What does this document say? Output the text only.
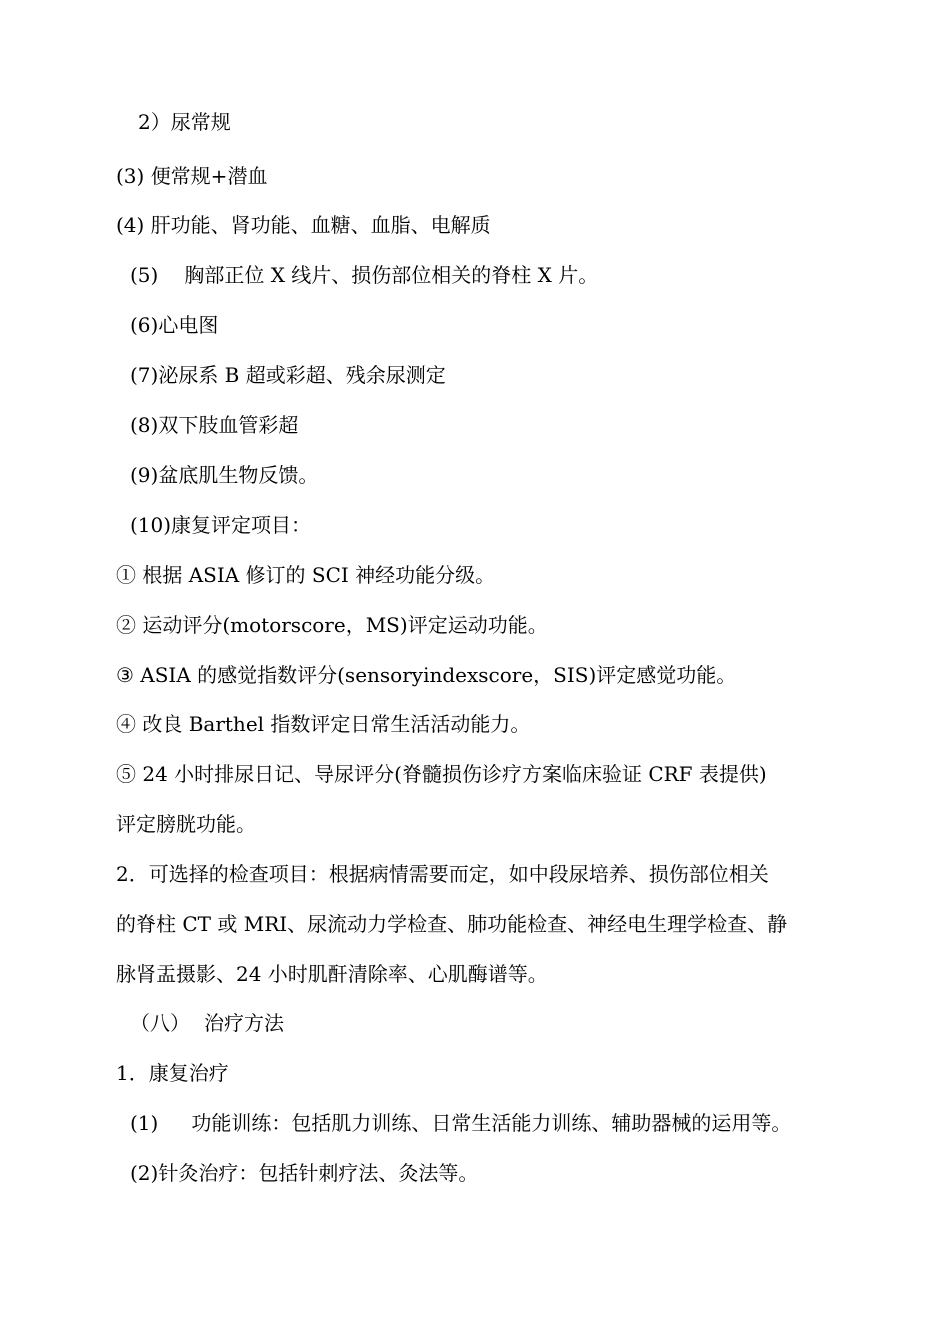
2）尿常规
(3) 便常规+潜血
(4) 肝功能、肾功能、血糖、血脂、电解质
(5) 胸部正位 X 线片、损伤部位相关的脊柱 X 片。
(6)心电图
(7)泌尿系 B 超或彩超、残余尿测定
(8)双下肢血管彩超
(9)盆底肌生物反馈。
(10)康复评定项目：
① 根据 ASIA 修订的 SCI 神经功能分级。
② 运动评分(motorscore，MS)评定运动功能。
③ ASIA 的感觉指数评分(sensoryindexscore，SIS)评定感觉功能。
④ 改良 Barthel 指数评定日常生活活动能力。
⑤ 24 小时排尿日记、导尿评分(脊髓损伤诊疗方案临床验证 CRF 表提供)
评定膀胱功能。
2．可选择的检查项目：根据病情需要而定，如中段尿培养、损伤部位相关
的脊柱 CT 或 MRI、尿流动力学检查、肺功能检查、神经电生理学检查、静
脉肾盂摄影、24 小时肌酐清除率、心肌酶谱等。
（八） 治疗方法
1．康复治疗
(1) 功能训练：包括肌力训练、日常生活能力训练、辅助器械的运用等。
(2)针灸治疗：包括针刺疗法、灸法等。
